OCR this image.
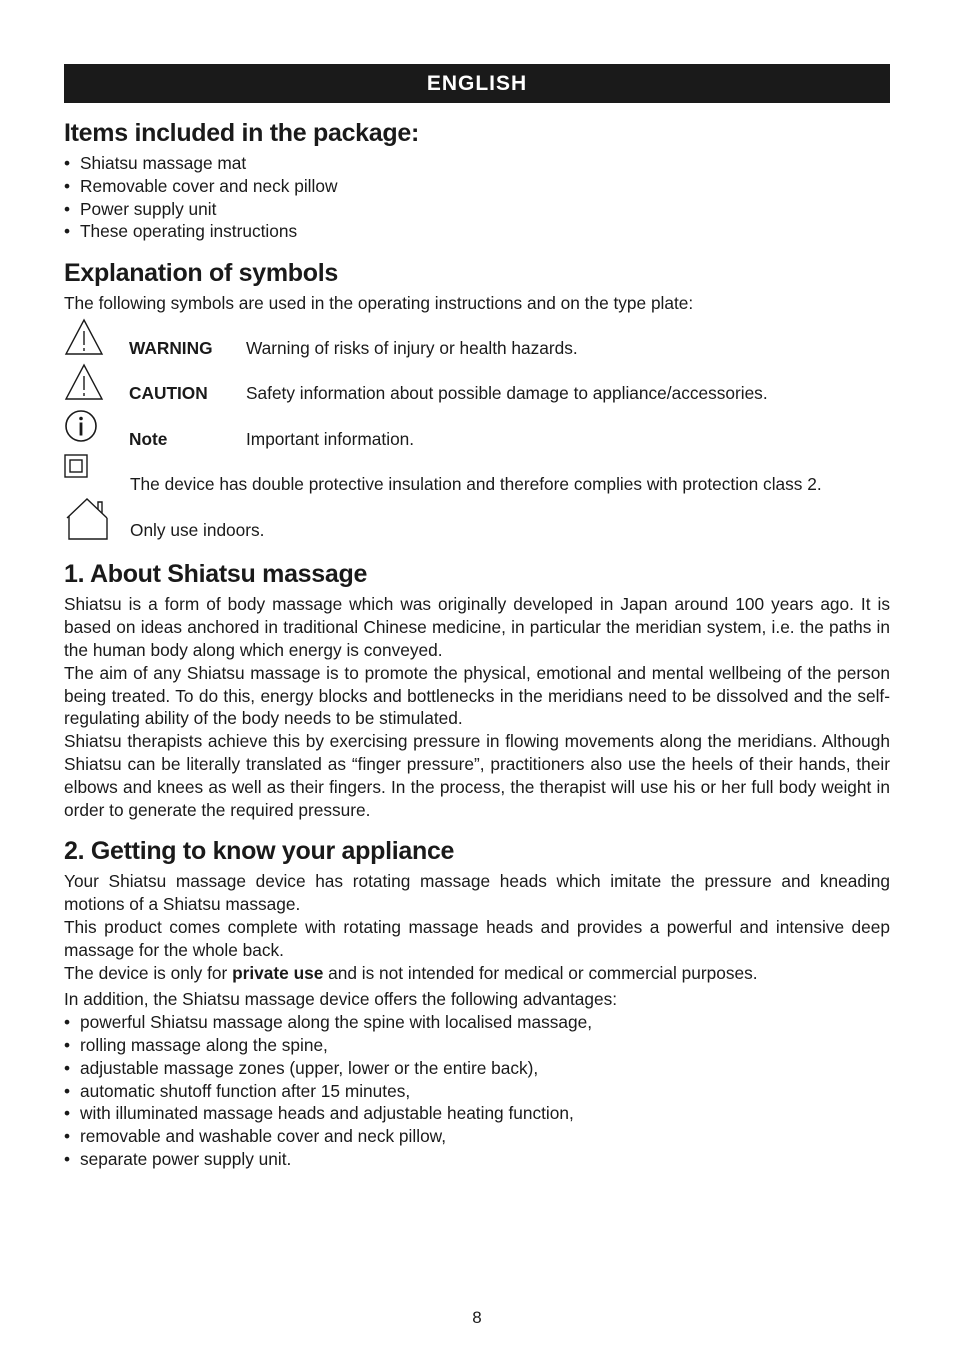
ENGLISH
Items included in the package:
• Shiatsu massage mat
• Removable cover and neck pillow
• Power supply unit
• These operating instructions
Explanation of symbols

The following symbols are used in the operating instructions and on the type plate:

WARNING Warning of risks of injury or health hazards.
CAUTION Safety information about possible damage to appliance/accessories.
Note	Important information.
The device has double protective insulation and therefore complies with protection class 2.
Only use indoors.
1. About Shiatsu massage

Shiatsu is a form of body massage which was originally developed in Japan around 100 years ago. It is based on ideas anchored in traditional Chinese medicine, in particular the meridian system, i.e. the paths in the human body along which energy is conveyed.

The aim of any Shiatsu massage is to promote the physical, emotional and mental wellbeing of the person being treated. To do this, energy blocks and bottlenecks in the meridians need to be dissolved and the self-regulating ability of the body needs to be stimulated.

Shiatsu therapists achieve this by exercising pressure in flowing movements along the meridians. Although Shiatsu can be literally translated as “finger pressure”, practitioners also use the heels of their hands, their elbows and knees as well as their fingers. In the process, the therapist will use his or her full body weight in order to generate the required pressure.

2. Getting to know your appliance

Your Shiatsu massage device has rotating massage heads which imitate the pressure and kneading motions of a Shiatsu massage.

This product comes complete with rotating massage heads and provides a powerful and intensive deep massage for the whole back.

The device is only for private use and is not intended for medical or commercial purposes.

In addition, the Shiatsu massage device offers the following advantages:

• powerful Shiatsu massage along the spine with localised massage,
• rolling massage along the spine,
• adjustable massage zones (upper, lower or the entire back),
• automatic shutoff function after 15 minutes,
• with illuminated massage heads and adjustable heating function,
• removable and washable cover and neck pillow,
• separate power supply unit.
8
